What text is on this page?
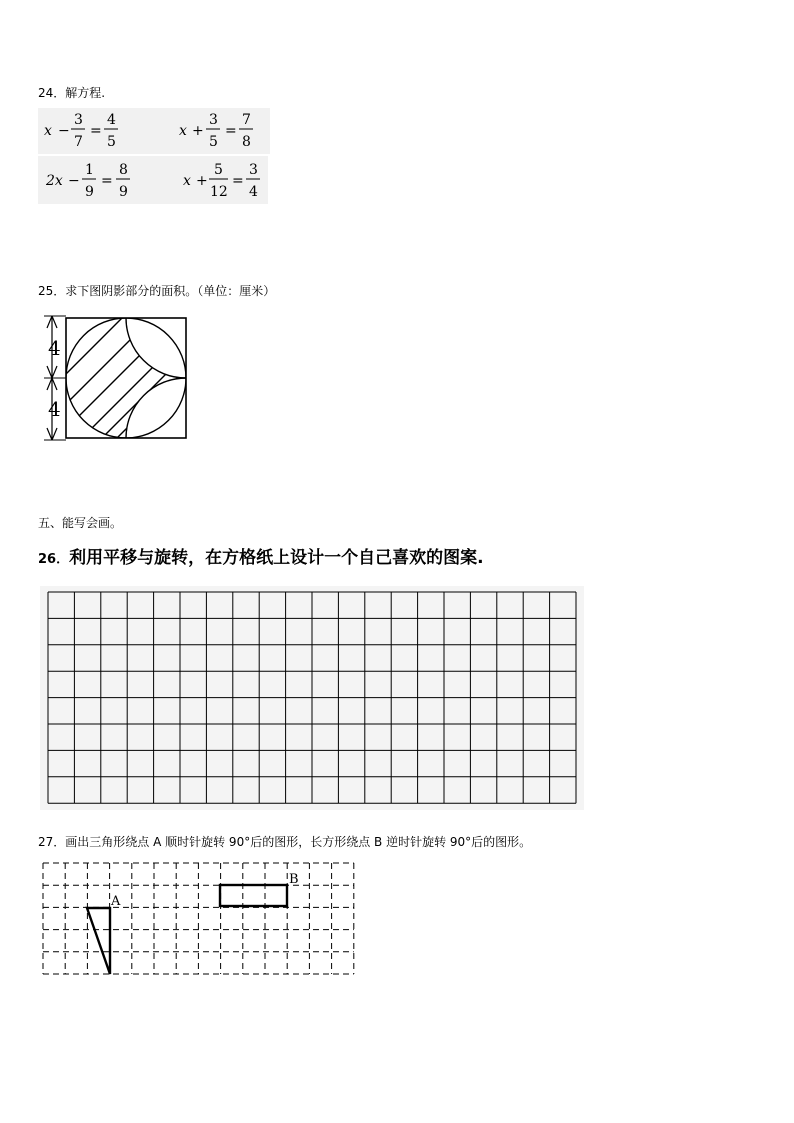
24．解方程.
x −
3
7
=
4
5
x +
3
5
=
7
8
2x −
1
9
=
8
9
x +
5
12
=
3
4
25．求下图阴影部分的面积。（单位：厘米）
4
4
五、能写会画。
26．利用平移与旋转，在方格纸上设计一个自己喜欢的图案.
27．画出三角形绕点 A 顺时针旋转 90°后的图形，长方形绕点 B 逆时针旋转 90°后的图形。
B
A
